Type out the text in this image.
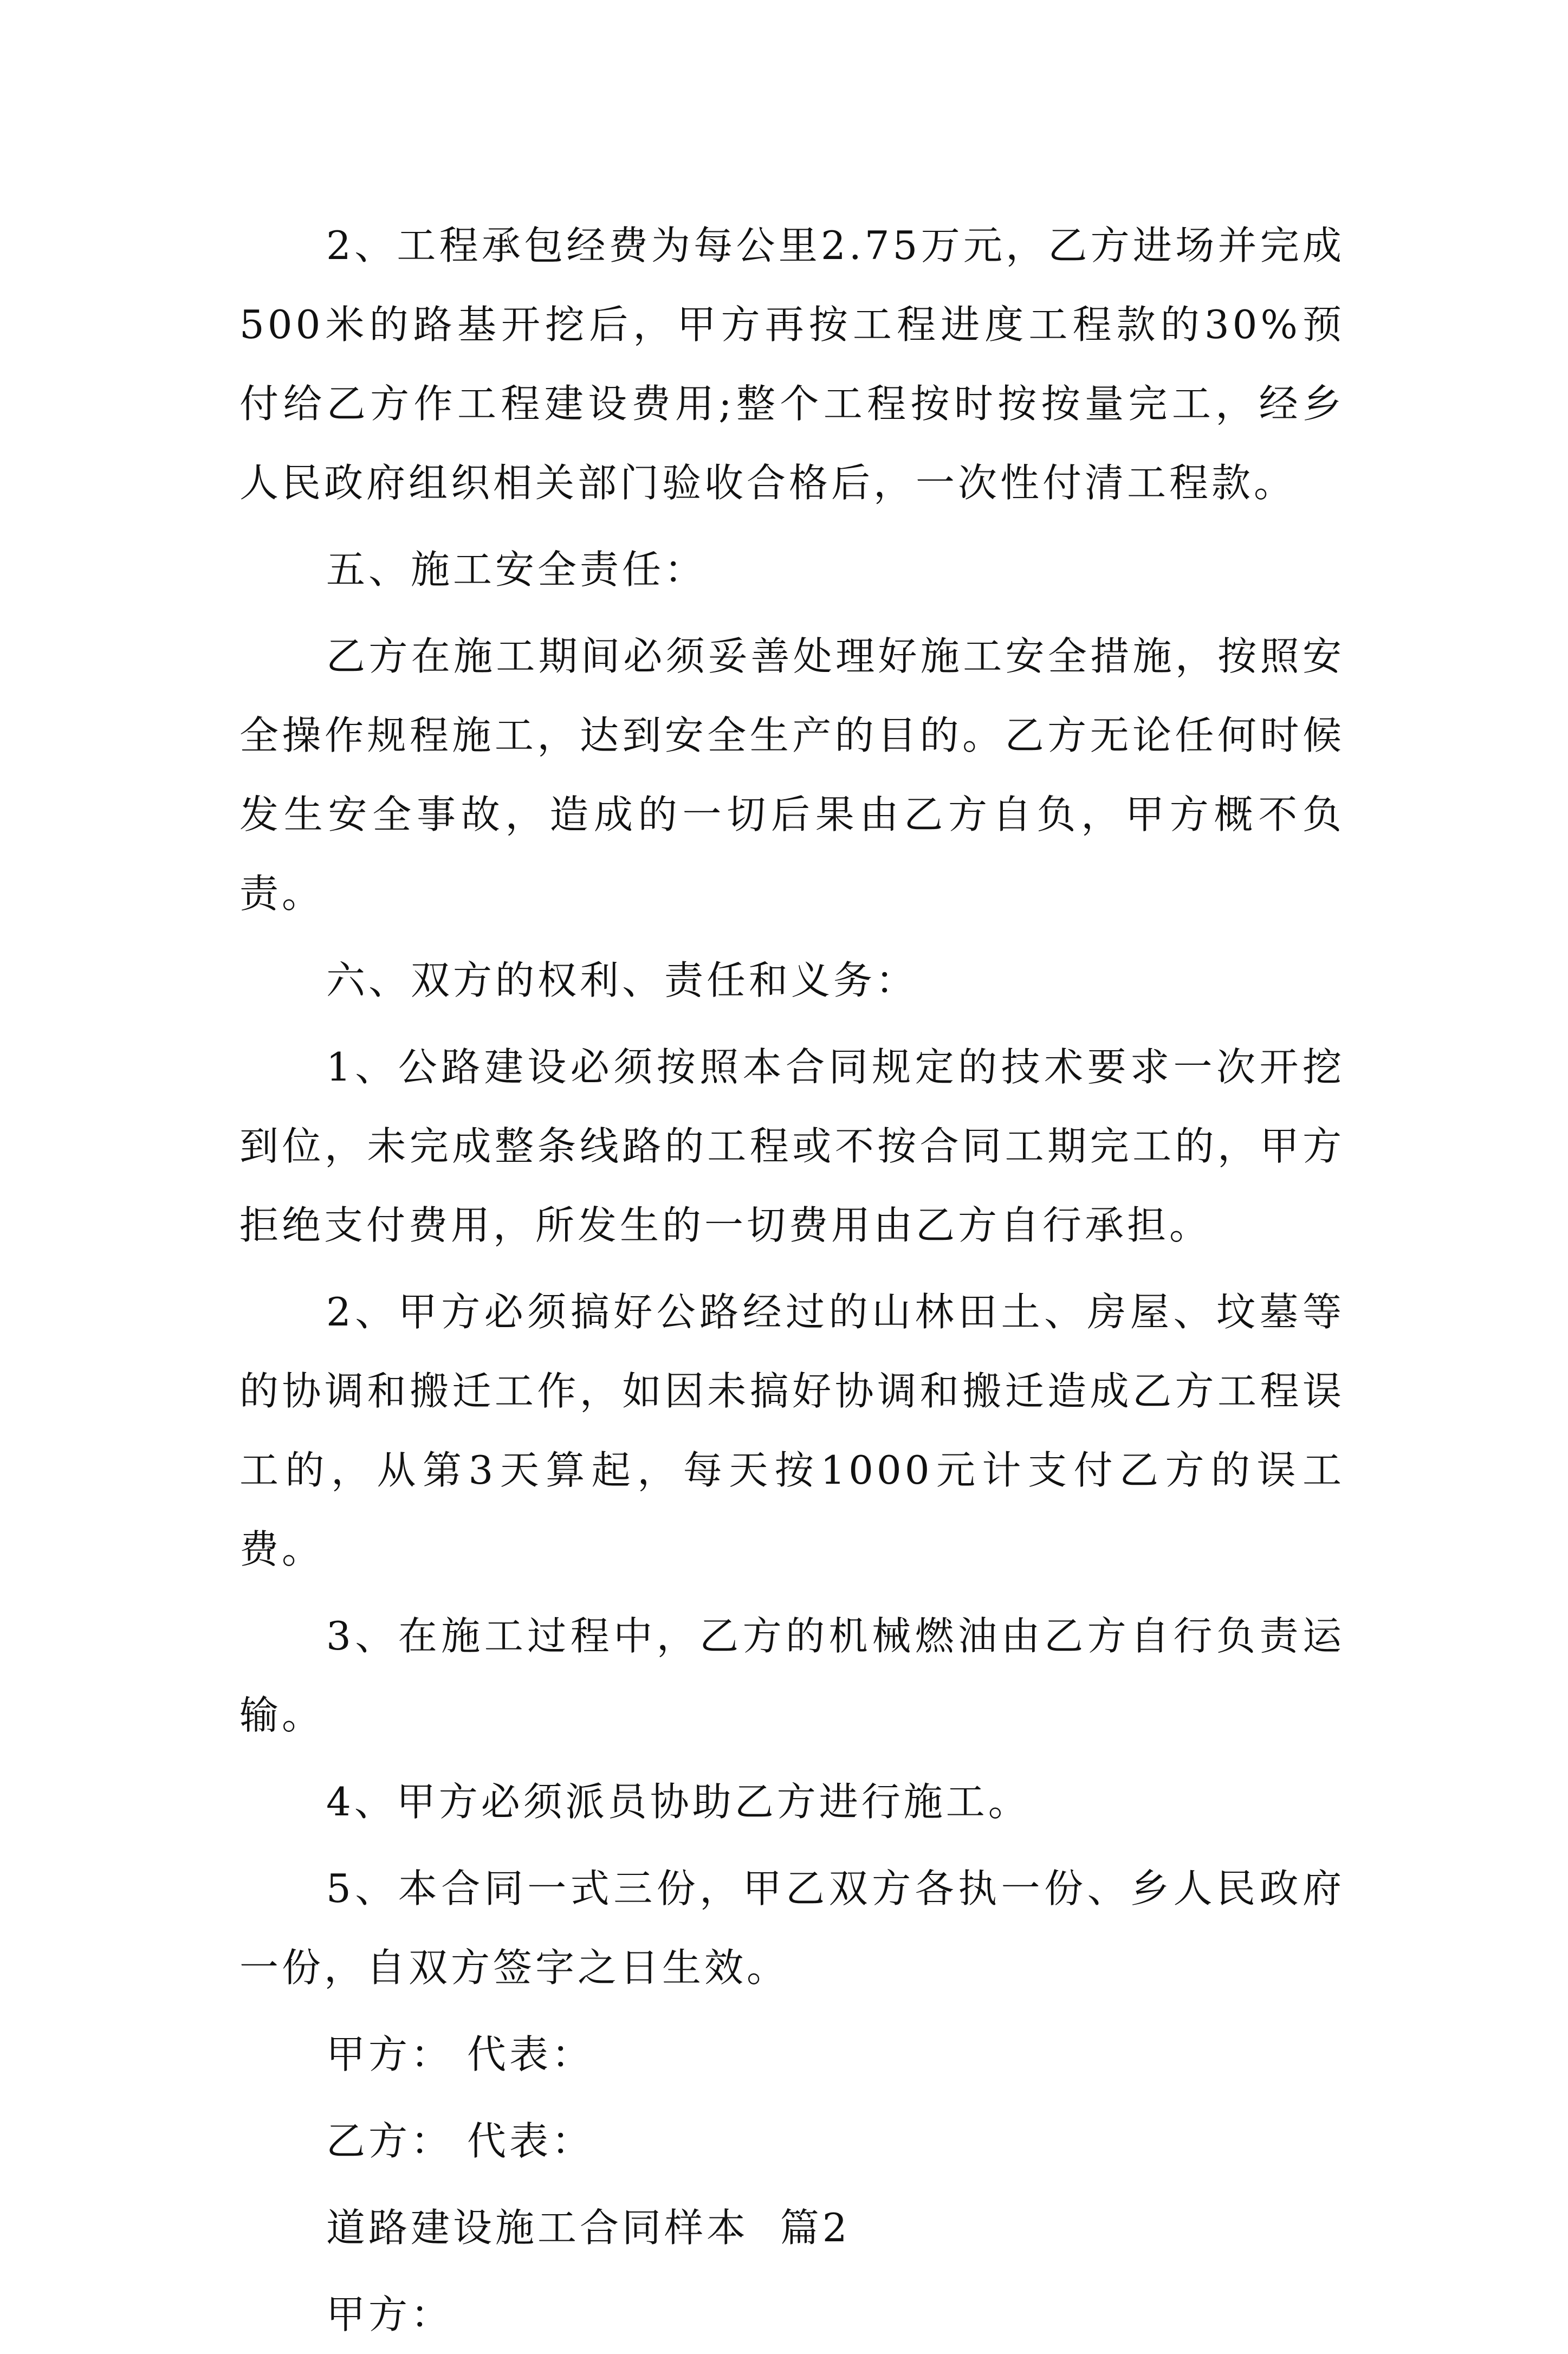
2、工程承包经费为每公里2.75万元，乙方进场并完成500米的路基开挖后，甲方再按工程进度工程款的30%预付给乙方作工程建设费用;整个工程按时按按量完工，经乡人民政府组织相关部门验收合格后，一次性付清工程款。

五、施工安全责任：

乙方在施工期间必须妥善处理好施工安全措施，按照安全操作规程施工，达到安全生产的目的。乙方无论任何时候发生安全事故，造成的一切后果由乙方自负，甲方概不负责。

六、双方的权利、责任和义务：

1、公路建设必须按照本合同规定的技术要求一次开挖到位，未完成整条线路的工程或不按合同工期完工的，甲方拒绝支付费用，所发生的一切费用由乙方自行承担。

2、甲方必须搞好公路经过的山林田土、房屋、坟墓等的协调和搬迁工作，如因未搞好协调和搬迁造成乙方工程误工的，从第3天算起，每天按1000元计支付乙方的误工费。

3、在施工过程中，乙方的机械燃油由乙方自行负责运输。

4、甲方必须派员协助乙方进行施工。

5、本合同一式三份，甲乙双方各执一份、乡人民政府一份，自双方签字之日生效。

甲方： 代表：

乙方： 代表：

道路建设施工合同样本  篇2

甲方：
